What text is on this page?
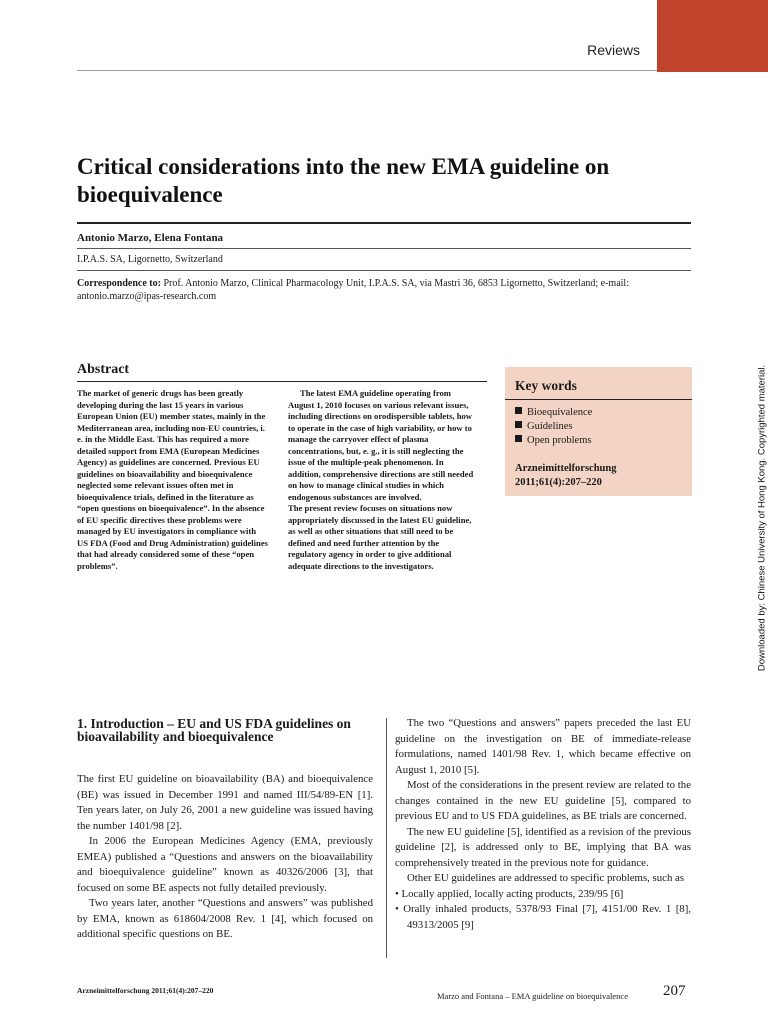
Reviews
Critical considerations into the new EMA guideline on bioequivalence
Antonio Marzo, Elena Fontana
I.P.A.S. SA, Ligornetto, Switzerland
Correspondence to: Prof. Antonio Marzo, Clinical Pharmacology Unit, I.P.A.S. SA, via Mastri 36, 6853 Ligornetto, Switzerland; e-mail: antonio.marzo@ipas-research.com
Abstract

The market of generic drugs has been greatly developing during the last 15 years in various European Union (EU) member states, mainly in the Mediterranean area, including non-EU countries, i. e. in the Middle East. This has required a more detailed support from EMA (European Medicines Agency) as guidelines are concerned. Previous EU guidelines on bioavailability and bioequivalence neglected some relevant issues often met in bioequivalence trials, defined in the literature as “open questions on bioequivalence”. In the absence of EU specific directives these problems were managed by EU investigators in compliance with US FDA (Food and Drug Administration) guidelines that had already considered some of these “open problems”.

The latest EMA guideline operating from August 1, 2010 focuses on various relevant issues, including directions on orodispersible tablets, how to operate in the case of high variability, or how to manage the carryover effect of plasma concentrations, but, e. g., it is still neglecting the issue of the multiple-peak phenomenon. In addition, comprehensive directions are still needed on how to manage clinical studies in which endogenous substances are involved.

The present review focuses on situations now appropriately discussed in the latest EU guideline, as well as other situations that still need to be defined and need further attention by the regulatory agency in order to give additional adequate directions to the investigators.

Key words
Bioequivalence
Guidelines
Open problems
Arzneimittelforschung
2011;61(4):207–220	Downloaded by: Chinese University of Hong Kong. Copyrighted material.
1. Introduction – EU and US FDA guidelines on bioavailability and bioequivalence

The first EU guideline on bioavailability (BA) and bioequivalence (BE) was issued in December 1991 and named III/54/89-EN [1]. Ten years later, on July 26, 2001 a new guideline was issued having the number 1401/98 [2].

In 2006 the European Medicines Agency (EMA, previously EMEA) published a “Questions and answers on the bioavailability and bioequivalence guideline” known as 40326/2006 [3], that focused on some BE aspects not fully detailed previously.

Two years later, another “Questions and answers” was published by EMA, known as 618604/2008 Rev. 1 [4], which focused on additional specific questions on BE.

The two “Questions and answers” papers preceded the last EU guideline on the investigation on BE of immediate-release formulations, named 1401/98 Rev. 1, which became effective on August 1, 2010 [5].

Most of the considerations in the present review are related to the changes contained in the new EU guideline [5], compared to previous EU and to US FDA guidelines, as BE trials are concerned.

The new EU guideline [5], identified as a revision of the previous guideline [2], is addressed only to BE, implying that BA was comprehensively treated in the previous note for guidance.

Other EU guidelines are addressed to specific problems, such as

• Locally applied, locally acting products, 239/95 [6]
• Orally inhaled products, 5378/93 Final [7], 4151/00 Rev. 1 [8], 49313/2005 [9]
Arzneimittelforschung 2011;61(4):207–220
Marzo and Fontana – EMA guideline on bioequivalence 207
